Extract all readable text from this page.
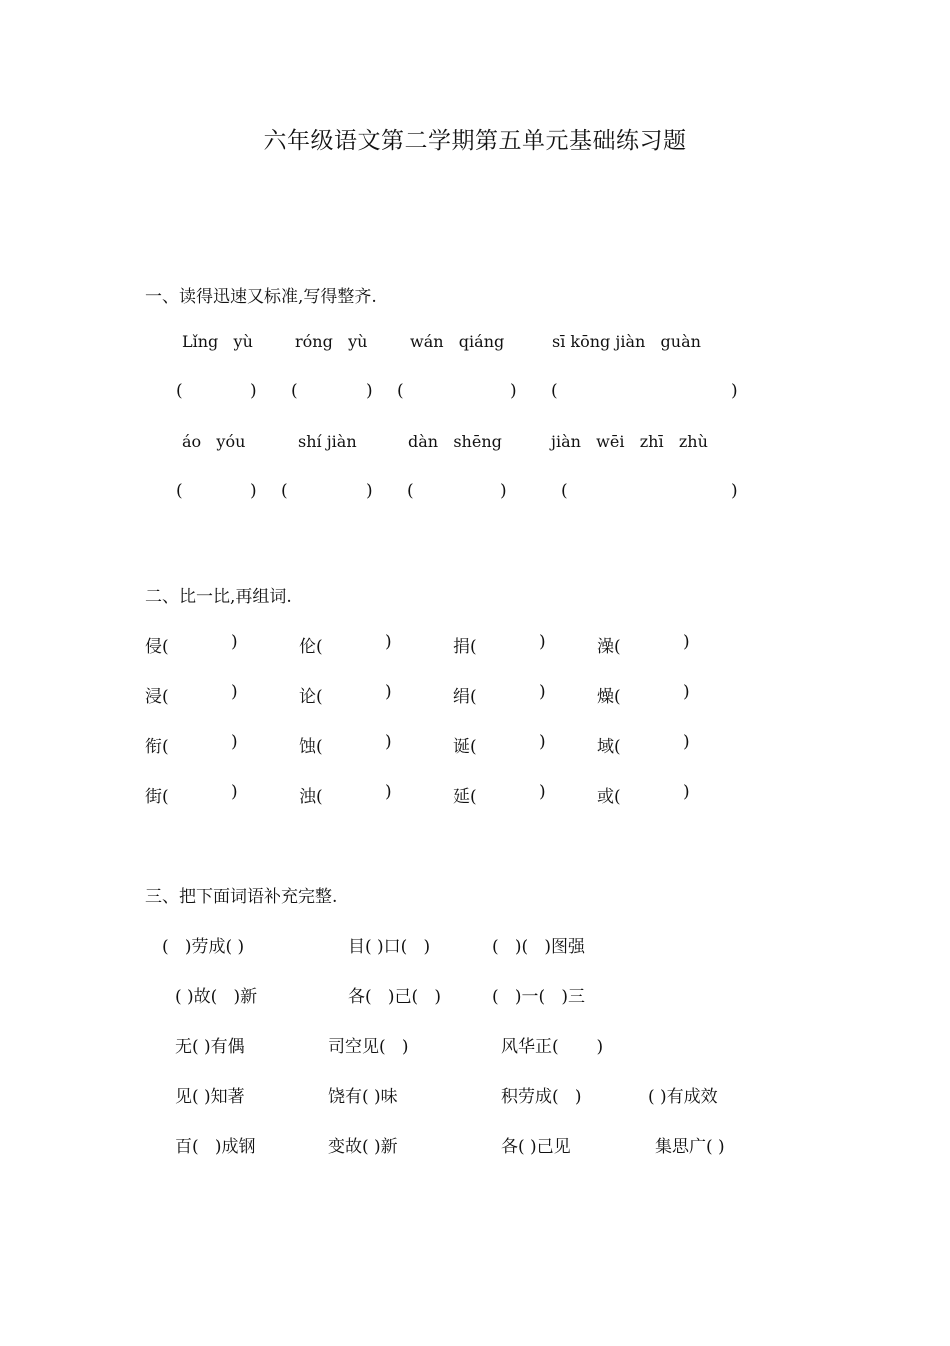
六年级语文第二学期第五单元基础练习题
一、读得迅速又标准,写得整齐.
Lǐng   yù	róng   yù	wán   qiáng	sī kōng jiàn   guàn
(	) (	) (	) (	)
áo   yóu	shí jiàn	dàn   shēng	jiàn   wēi   zhī   zhù
(	) (	) (	)	(	)
二、比一比,再组词.
侵(	)	伦(	)	捐(	)	澡(	)
浸(	)	论(	)	绢(	)	燥(	)
衔(	)	蚀(	)	诞(	)	域(	)
街(	)	浊(	)	延(	)	或(	)
三、把下面词语补充完整.
(   )劳成( )	目( )口(   )	(   )(   )图强
( )故(   )新	各(   )己(   )	(   )一(   )三
无( )有偶	司空见(   )	风华正(       )
见( )知著	饶有( )味	积劳成(   )	( )有成效
百(   )成钢	变故( )新	各( )己见	集思广( )
